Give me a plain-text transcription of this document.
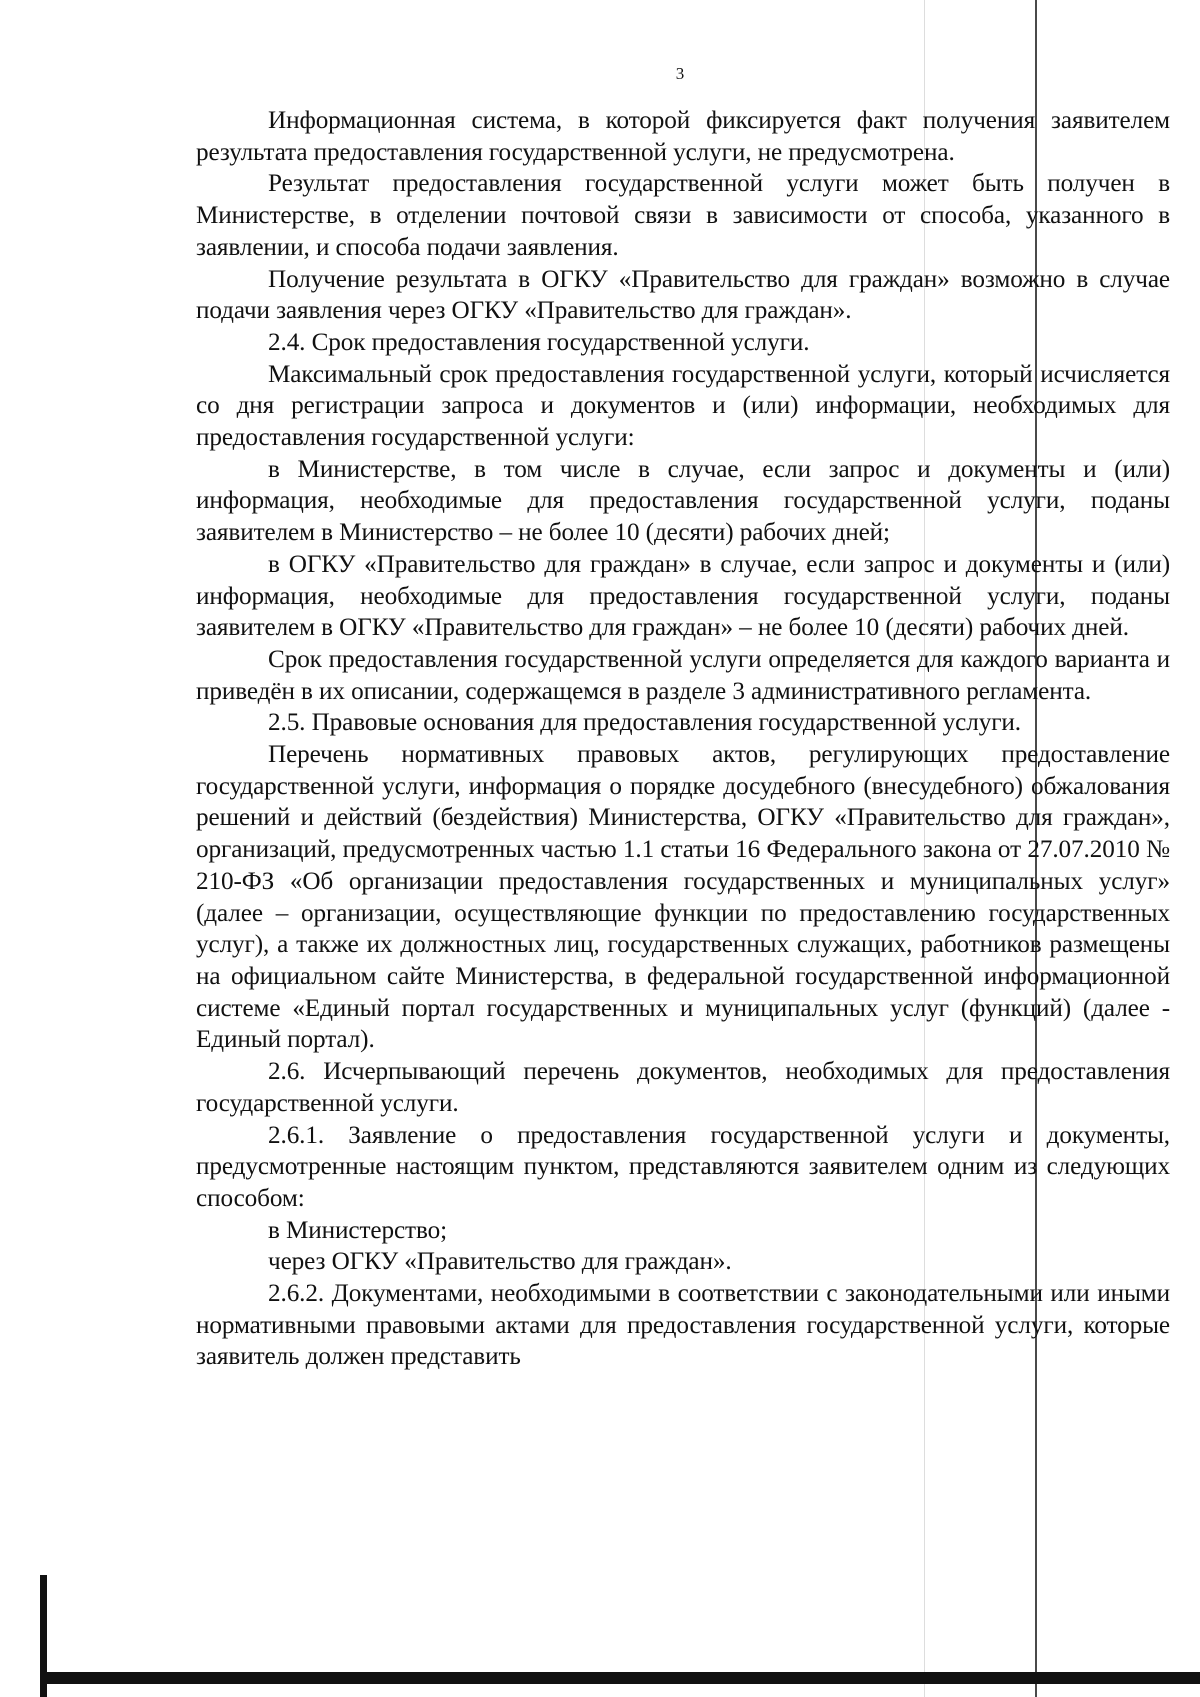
3

Информационная система, в которой фиксируется факт получения заявителем результата предоставления государственной услуги, не предусмотрена.

Результат предоставления государственной услуги может быть получен в Министерстве, в отделении почтовой связи в зависимости от способа, указанного в заявлении, и способа подачи заявления.

Получение результата в ОГКУ «Правительство для граждан» возможно в случае подачи заявления через ОГКУ «Правительство для граждан».

2.4. Срок предоставления государственной услуги.

Максимальный срок предоставления государственной услуги, который исчисляется со дня регистрации запроса и документов и (или) информации, необходимых для предоставления государственной услуги:

в Министерстве, в том числе в случае, если запрос и документы и (или) информация, необходимые для предоставления государственной услуги, поданы заявителем в Министерство – не более 10 (десяти) рабочих дней;

в ОГКУ «Правительство для граждан» в случае, если запрос и документы и (или) информация, необходимые для предоставления государственной услуги, поданы заявителем в ОГКУ «Правительство для граждан» – не более 10 (десяти) рабочих дней.

Срок предоставления государственной услуги определяется для каждого варианта и приведён в их описании, содержащемся в разделе 3 административного регламента.

2.5. Правовые основания для предоставления государственной услуги.

Перечень нормативных правовых актов, регулирующих предоставление государственной услуги, информация о порядке досудебного (внесудебного) обжалования решений и действий (бездействия) Министерства, ОГКУ «Правительство для граждан», организаций, предусмотренных частью 1.1 статьи 16 Федерального закона от 27.07.2010 № 210-ФЗ «Об организации предоставления государственных и муниципальных услуг» (далее – организации, осуществляющие функции по предоставлению государственных услуг), а также их должностных лиц, государственных служащих, работников размещены на официальном сайте Министерства, в федеральной государственной информационной системе «Единый портал государственных и муниципальных услуг (функций) (далее - Единый портал).

2.6. Исчерпывающий перечень документов, необходимых для предоставления государственной услуги.

2.6.1. Заявление о предоставления государственной услуги и документы, предусмотренные настоящим пунктом, представляются заявителем одним из следующих способом:

в Министерство;

через ОГКУ «Правительство для граждан».

2.6.2. Документами, необходимыми в соответствии с законодательными или иными нормативными правовыми актами для предоставления государственной услуги, которые заявитель должен представить
